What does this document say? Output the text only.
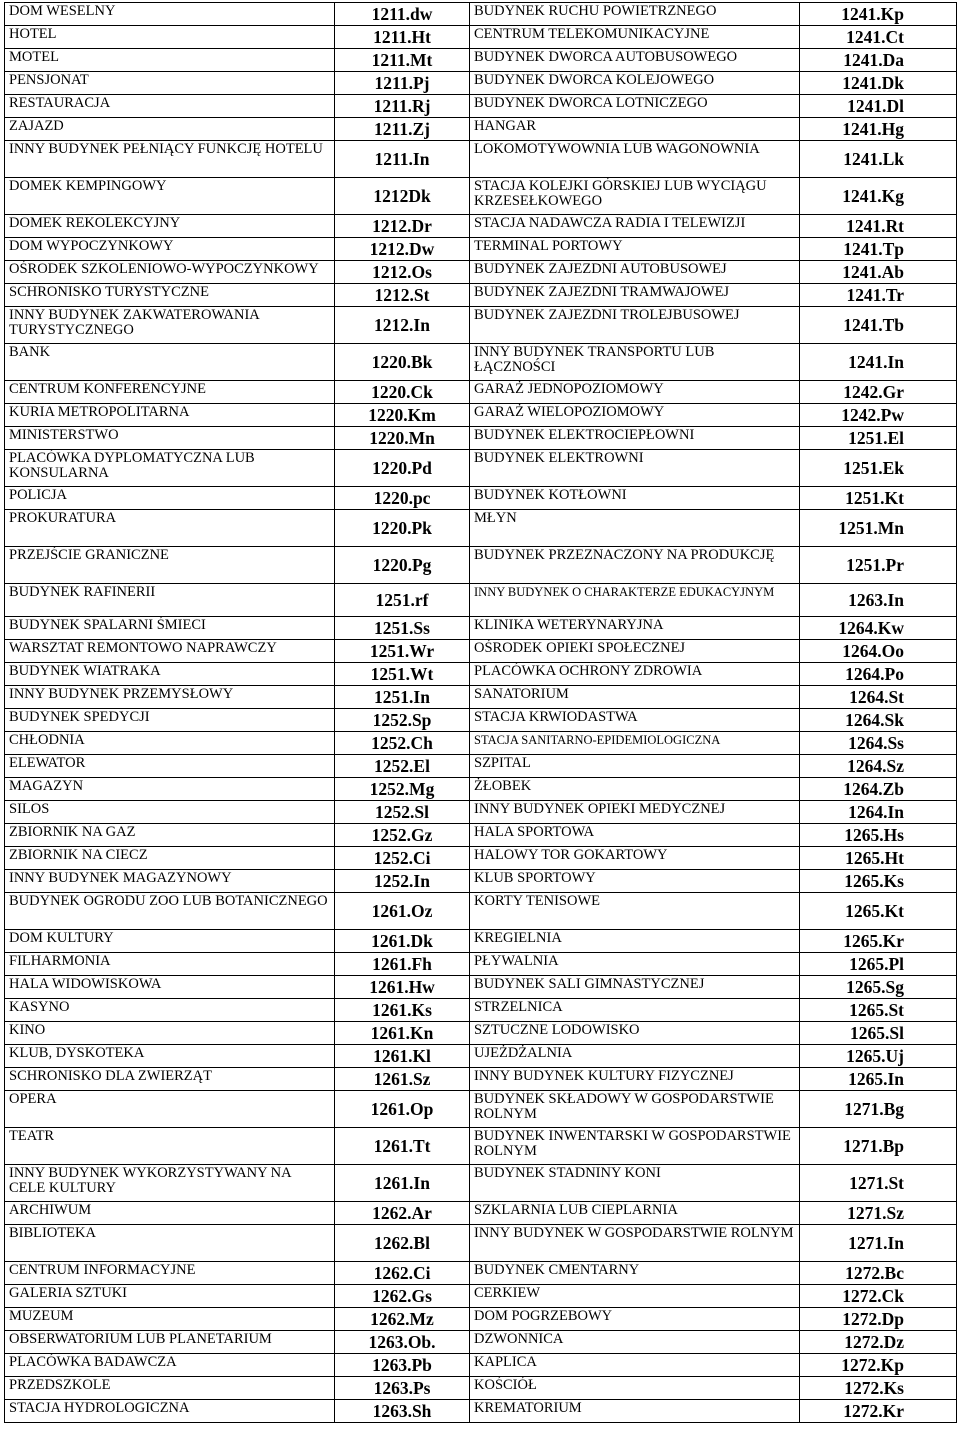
DOM WESELNY	1211.dw	BUDYNEK RUCHU POWIETRZNEGO	1241.Kp
HOTEL	1211.Ht	CENTRUM TELEKOMUNIKACYJNE	1241.Ct
MOTEL	1211.Mt	BUDYNEK DWORCA AUTOBUSOWEGO	1241.Da
PENSJONAT	1211.Pj	BUDYNEK DWORCA KOLEJOWEGO	1241.Dk
RESTAURACJA	1211.Rj	BUDYNEK DWORCA LOTNICZEGO	1241.Dl
ZAJAZD	1211.Zj	HANGAR	1241.Hg
INNY BUDYNEK PEŁNIĄCY FUNKCJĘ HOTELU	1211.In	LOKOMOTYWOWNIA LUB WAGONOWNIA	1241.Lk
DOMEK KEMPINGOWY	1212Dk	STACJA KOLEJKI GÓRSKIEJ LUB WYCIĄGU KRZESEŁKOWEGO	1241.Kg
DOMEK REKOLEKCYJNY	1212.Dr	STACJA NADAWCZA RADIA I TELEWIZJI	1241.Rt
DOM WYPOCZYNKOWY	1212.Dw	TERMINAL PORTOWY	1241.Tp
OŚRODEK SZKOLENIOWO-WYPOCZYNKOWY	1212.Os	BUDYNEK ZAJEZDNI AUTOBUSOWEJ	1241.Ab
SCHRONISKO TURYSTYCZNE	1212.St	BUDYNEK ZAJEZDNI TRAMWAJOWEJ	1241.Tr
INNY BUDYNEK ZAKWATEROWANIA TURYSTYCZNEGO	1212.In	BUDYNEK ZAJEZDNI TROLEJBUSOWEJ	1241.Tb
BANK	1220.Bk	INNY BUDYNEK TRANSPORTU LUB ŁĄCZNOŚCI	1241.In
CENTRUM KONFERENCYJNE	1220.Ck	GARAŻ JEDNOPOZIOMOWY	1242.Gr
KURIA METROPOLITARNA	1220.Km	GARAŻ WIELOPOZIOMOWY	1242.Pw
MINISTERSTWO	1220.Mn	BUDYNEK ELEKTROCIEPŁOWNI	1251.El
PLACÓWKA DYPLOMATYCZNA LUB KONSULARNA	1220.Pd	BUDYNEK ELEKTROWNI	1251.Ek
POLICJA	1220.pc	BUDYNEK KOTŁOWNI	1251.Kt
PROKURATURA	1220.Pk	MŁYN	1251.Mn
PRZEJŚCIE GRANICZNE	1220.Pg	BUDYNEK PRZEZNACZONY NA PRODUKCJĘ	1251.Pr
BUDYNEK RAFINERII	1251.rf	INNY BUDYNEK O CHARAKTERZE EDUKACYJNYM	1263.In
BUDYNEK SPALARNI ŚMIECI	1251.Ss	KLINIKA WETERYNARYJNA	1264.Kw
WARSZTAT REMONTOWO NAPRAWCZY	1251.Wr	OŚRODEK OPIEKI SPOŁECZNEJ	1264.Oo
BUDYNEK WIATRAKA	1251.Wt	PLACÓWKA OCHRONY ZDROWIA	1264.Po
INNY BUDYNEK PRZEMYSŁOWY	1251.In	SANATORIUM	1264.St
BUDYNEK SPEDYCJI	1252.Sp	STACJA KRWIODASTWA	1264.Sk
CHŁODNIA	1252.Ch	STACJA SANITARNO-EPIDEMIOLOGICZNA	1264.Ss
ELEWATOR	1252.El	SZPITAL	1264.Sz
MAGAZYN	1252.Mg	ŻŁOBEK	1264.Zb
SILOS	1252.Sl	INNY BUDYNEK OPIEKI MEDYCZNEJ	1264.In
ZBIORNIK NA GAZ	1252.Gz	HALA SPORTOWA	1265.Hs
ZBIORNIK NA CIECZ	1252.Ci	HALOWY TOR GOKARTOWY	1265.Ht
INNY BUDYNEK MAGAZYNOWY	1252.In	KLUB SPORTOWY	1265.Ks
BUDYNEK OGRODU ZOO LUB BOTANICZNEGO	1261.Oz	KORTY TENISOWE	1265.Kt
DOM KULTURY	1261.Dk	KREGIELNIA	1265.Kr
FILHARMONIA	1261.Fh	PŁYWALNIA	1265.Pl
HALA WIDOWISKOWA	1261.Hw	BUDYNEK SALI GIMNASTYCZNEJ	1265.Sg
KASYNO	1261.Ks	STRZELNICA	1265.St
KINO	1261.Kn	SZTUCZNE LODOWISKO	1265.Sl
KLUB, DYSKOTEKA	1261.Kl	UJEŻDŻALNIA	1265.Uj
SCHRONISKO DLA ZWIERZĄT	1261.Sz	INNY BUDYNEK KULTURY FIZYCZNEJ	1265.In
OPERA	1261.Op	BUDYNEK SKŁADOWY W GOSPODARSTWIE ROLNYM	1271.Bg
TEATR	1261.Tt	BUDYNEK INWENTARSKI W GOSPODARSTWIE ROLNYM	1271.Bp
INNY BUDYNEK WYKORZYSTYWANY NA CELE KULTURY	1261.In	BUDYNEK STADNINY KONI	1271.St
ARCHIWUM	1262.Ar	SZKLARNIA LUB CIEPLARNIA	1271.Sz
BIBLIOTEKA	1262.Bl	INNY BUDYNEK W GOSPODARSTWIE ROLNYM	1271.In
CENTRUM INFORMACYJNE	1262.Ci	BUDYNEK CMENTARNY	1272.Bc
GALERIA SZTUKI	1262.Gs	CERKIEW	1272.Ck
MUZEUM	1262.Mz	DOM POGRZEBOWY	1272.Dp
OBSERWATORIUM LUB PLANETARIUM	1263.Ob.	DZWONNICA	1272.Dz
PLACÓWKA BADAWCZA	1263.Pb	KAPLICA	1272.Kp
PRZEDSZKOLE	1263.Ps	KOŚCIÓŁ	1272.Ks
STACJA HYDROLOGICZNA	1263.Sh	KREMATORIUM	1272.Kr
